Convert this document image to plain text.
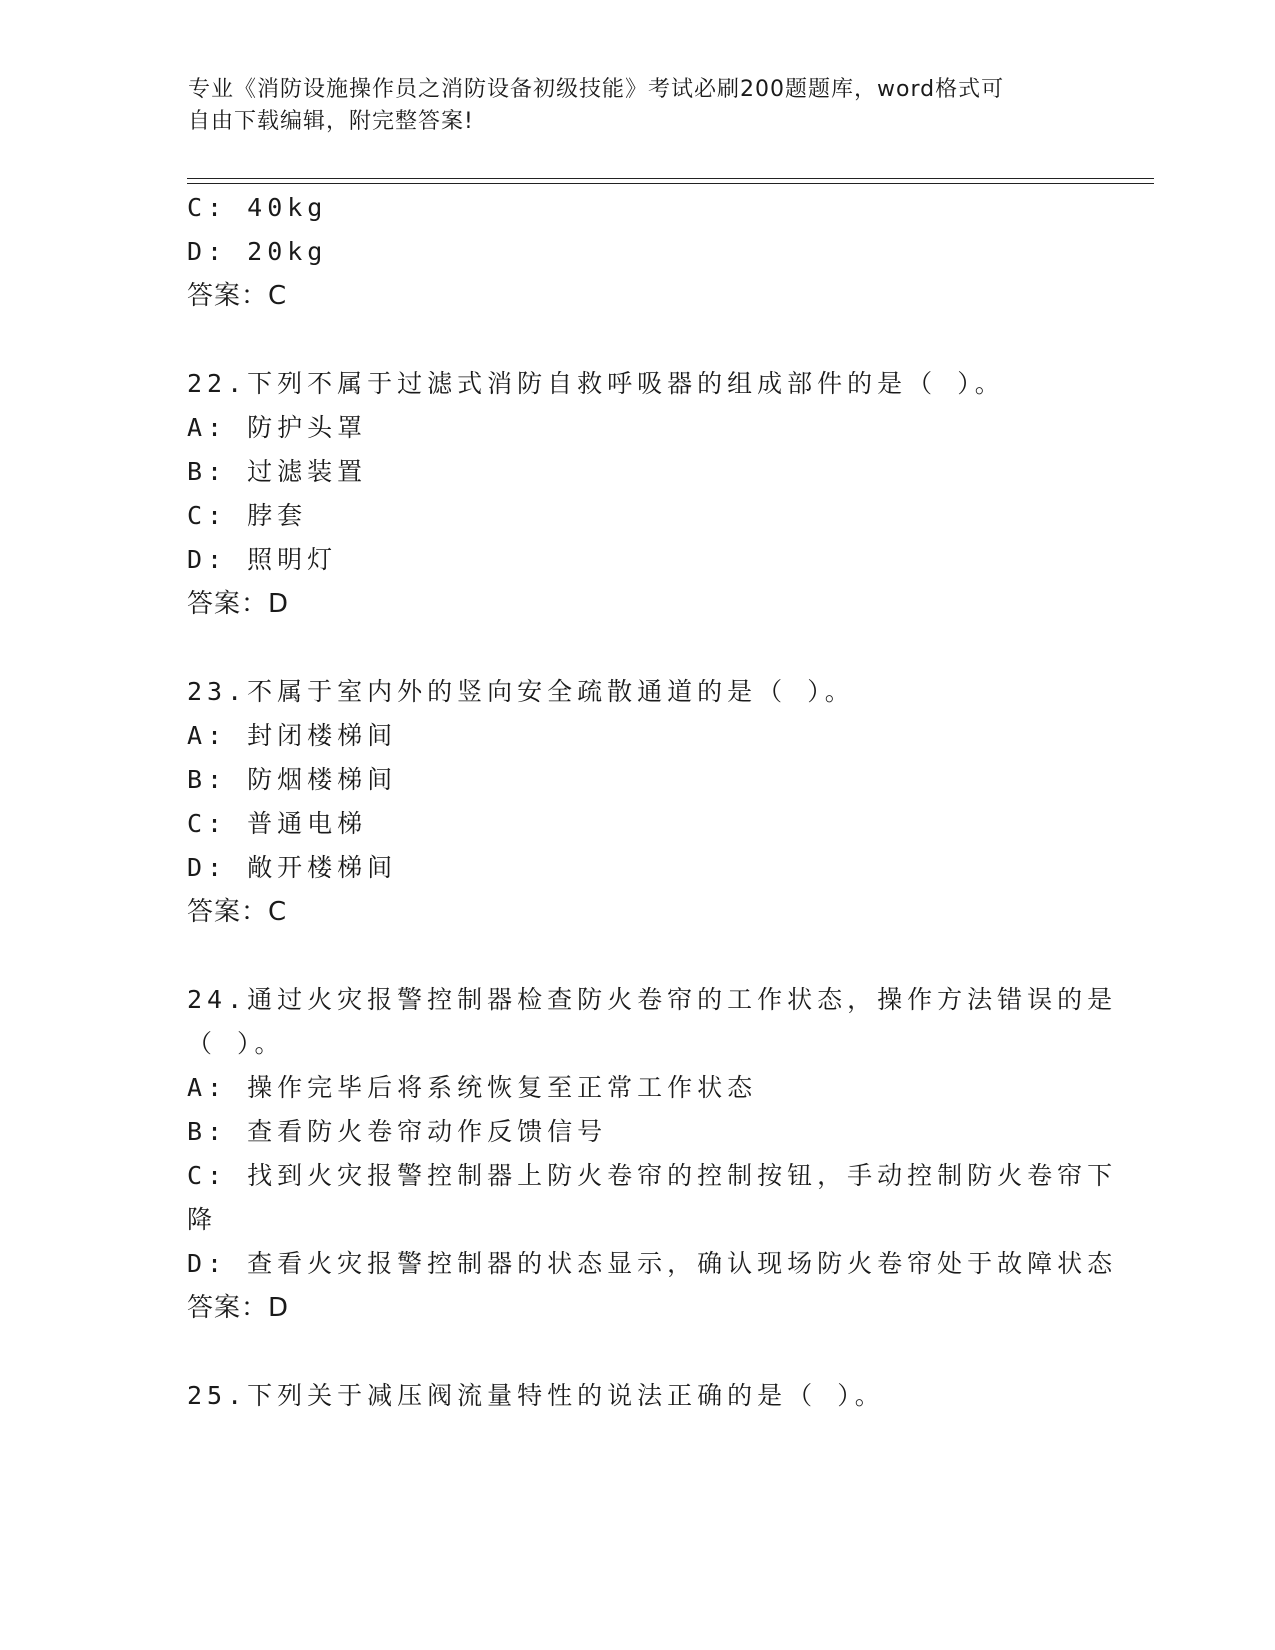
专业《消防设施操作员之消防设备初级技能》考试必刷200题题库，word格式可
自由下载编辑，附完整答案!
C: 40kg
D: 20kg
答案：C
22.下列不属于过滤式消防自救呼吸器的组成部件的是（ ）。
A: 防护头罩
B: 过滤装置
C: 脖套
D: 照明灯
答案：D
23.不属于室内外的竖向安全疏散通道的是（ ）。
A: 封闭楼梯间
B: 防烟楼梯间
C: 普通电梯
D: 敞开楼梯间
答案：C
24.通过火灾报警控制器检查防火卷帘的工作状态，操作方法错误的是
（ ）。
A: 操作完毕后将系统恢复至正常工作状态
B: 查看防火卷帘动作反馈信号
C: 找到火灾报警控制器上防火卷帘的控制按钮，手动控制防火卷帘下
降
D: 查看火灾报警控制器的状态显示，确认现场防火卷帘处于故障状态
答案：D
25.下列关于减压阀流量特性的说法正确的是（ ）。
